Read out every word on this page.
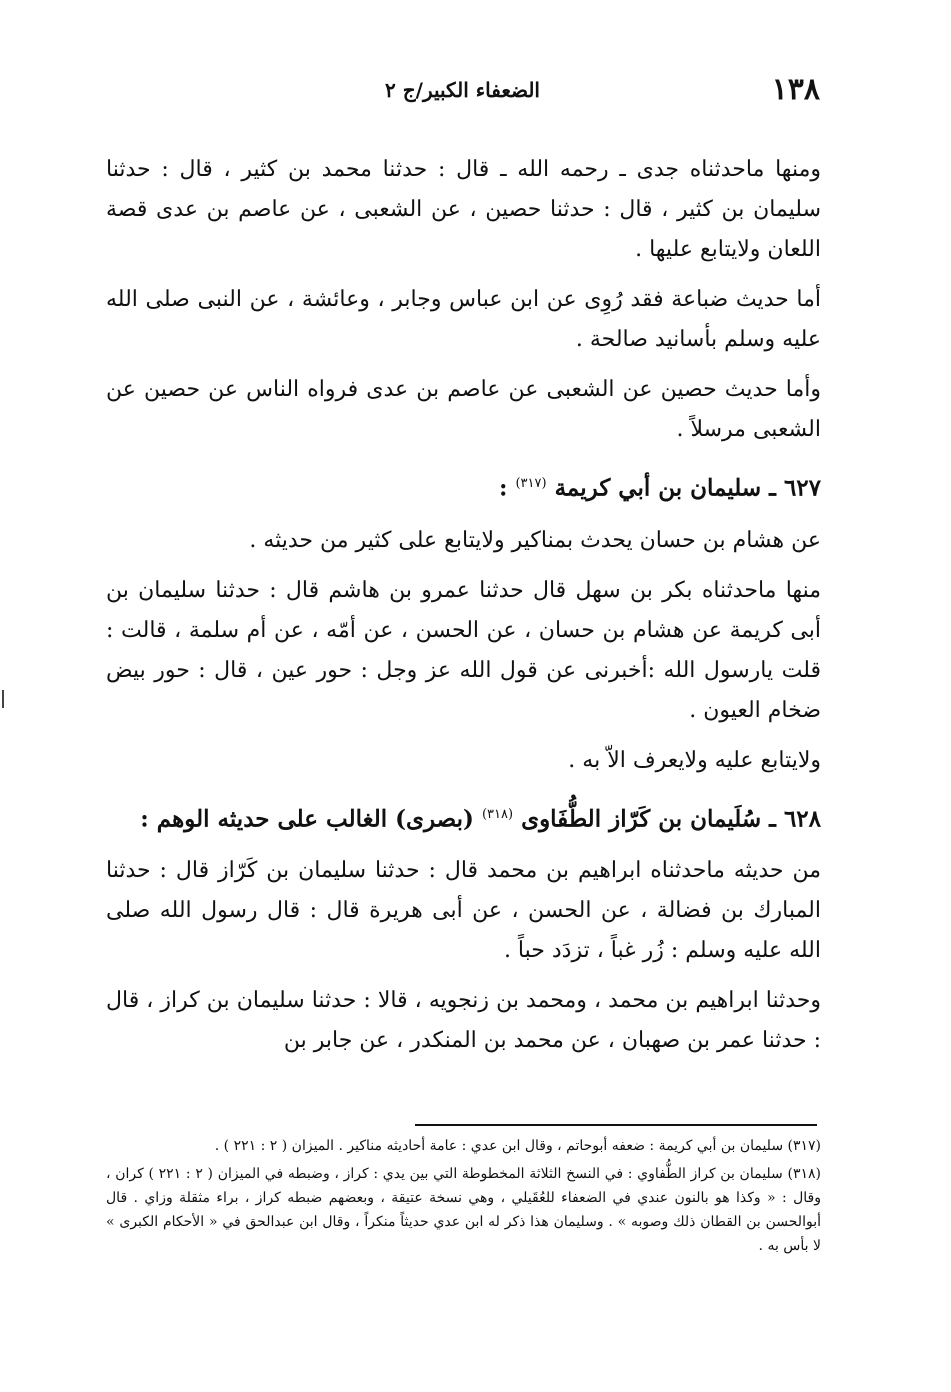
١٣٨
الضعفاء الكبير/ج ٢

ومنها ماحدثناه جدى ـ رحمه الله ـ قال : حدثنا محمد بن كثير ، قال : حدثنا سليمان بن كثير ، قال : حدثنا حصين ، عن الشعبى ، عن عاصم بن عدى قصة اللعان ولايتابع عليها .

أما حديث ضباعة فقد رُوِى عن ابن عباس وجابر ، وعائشة ، عن النبى صلى الله عليه وسلم بأسانيد صالحة .

وأما حديث حصين عن الشعبى عن عاصم بن عدى فرواه الناس عن حصين عن الشعبى مرسلاً .

٦٢٧ ـ سليمان بن أبي كريمة $^{(٣١٧)}$ :

عن هشام بن حسان يحدث بمناكير ولايتابع على كثير من حديثه .

منها ماحدثناه بكر بن سهل قال حدثنا عمرو بن هاشم قال : حدثنا سليمان بن أبى كريمة عن هشام بن حسان ، عن الحسن ، عن أمّه ، عن أم سلمة ، قالت : قلت يارسول الله :أخبرنى عن قول الله عز وجل : حور عين ، قال : حور بيض ضخام العيون .

ولايتابع عليه ولايعرف الاّ به .

٦٢٨ ـ سُلَيمان بن كَرّاز الطُّفَاوى $^{(٣١٨)}$ (بصرى) الغالب على حديثه الوهم :

من حديثه ماحدثناه ابراهيم بن محمد قال : حدثنا سليمان بن كَرّاز قال : حدثنا المبارك بن فضالة ، عن الحسن ، عن أبى هريرة قال : قال رسول الله صلى الله عليه وسلم : زُر غباً ، تزدَد حباً .

وحدثنا ابراهيم بن محمد ، ومحمد بن زنجويه ، قالا : حدثنا سليمان بن كراز ، قال : حدثنا عمر بن صهبان ، عن محمد بن المنكدر ، عن جابر بن

(٣١٧) سليمان بن أبي كريمة : ضعفه أبوحاتم ، وقال ابن عدي : عامة أحاديثه مناكير . الميزان ( ٢ : ٢٢١ ) .

(٣١٨) سليمان بن كراز الطُّفاوي : في النسخ الثلاثة المخطوطة التي بين يدي : كراز ، وضبطه في الميزان ( ٢ : ٢٢١ ) كران ، وقال : « وكذا هو بالنون عندي في الضعفاء للعُقَيلي ، وهي نسخة عتيقة ، وبعضهم ضبطه كراز ، براء مثقلة وزاي . قال أبوالحسن بن القطان ذلك وصوبه » . وسليمان هذا ذكر له ابن عدي حديثاً منكراً ، وقال ابن عبدالحق في « الأحكام الكبرى » لا بأس به .
